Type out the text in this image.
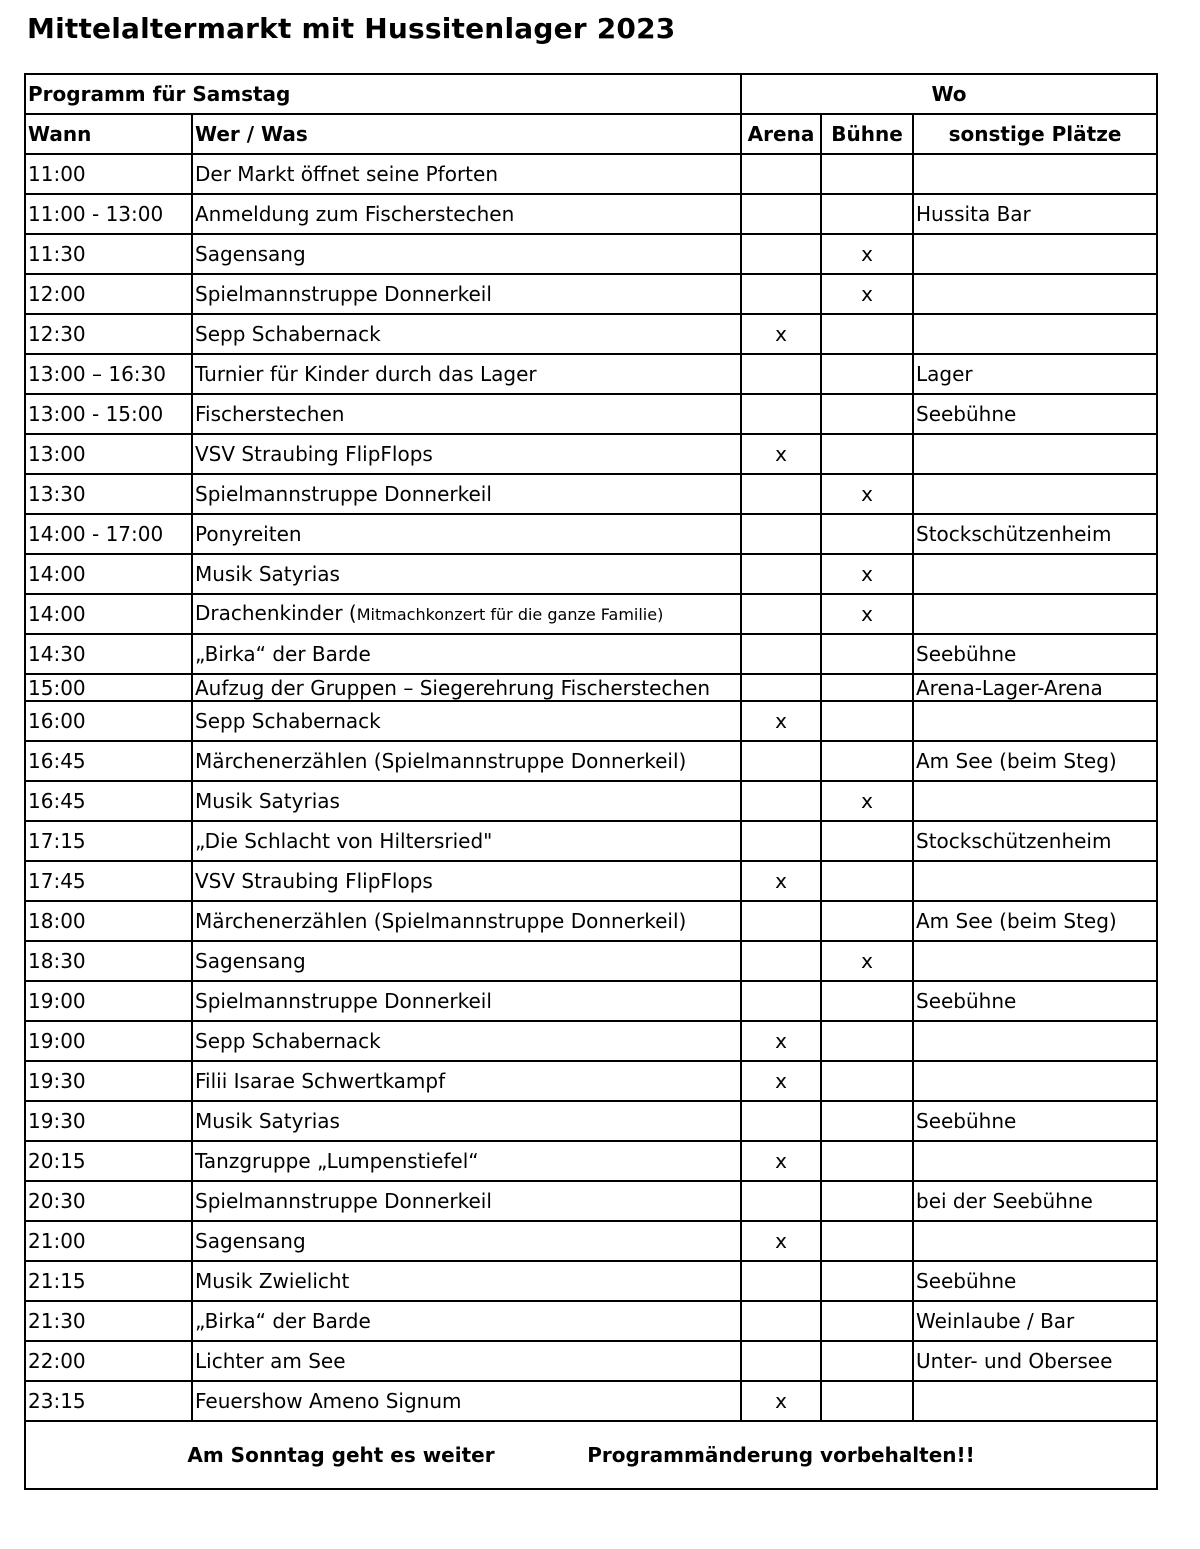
Mittelaltermarkt mit Hussitenlager 2023
Programm für Samstag		Wo		
Wann	Wer / Was	Arena	Bühne	sonstige Plätze
11:00	Der Markt öffnet seine Pforten			
11:00 - 13:00	Anmeldung zum Fischerstechen			Hussita Bar
11:30	Sagensang		x	
12:00	Spielmannstruppe Donnerkeil		x	
12:30	Sepp Schabernack	x		
13:00 – 16:30	Turnier für Kinder durch das Lager			Lager
13:00 - 15:00	Fischerstechen			Seebühne
13:00	VSV Straubing FlipFlops	x		
13:30	Spielmannstruppe Donnerkeil		x	
14:00 - 17:00	Ponyreiten			Stockschützenheim
14:00	Musik Satyrias		x	
14:00	Drachenkinder (Mitmachkonzert für die ganze Familie)		x	
14:30	„Birka“ der Barde			Seebühne
15:00	Aufzug der Gruppen – Siegerehrung Fischerstechen			Arena-Lager-Arena
16:00	Sepp Schabernack	x		
16:45	Märchenerzählen (Spielmannstruppe Donnerkeil)			Am See (beim Steg)
16:45	Musik Satyrias		x	
17:15	„Die Schlacht von Hiltersried"			Stockschützenheim
17:45	VSV Straubing FlipFlops	x		
18:00	Märchenerzählen (Spielmannstruppe Donnerkeil)			Am See (beim Steg)
18:30	Sagensang		x	
19:00	Spielmannstruppe Donnerkeil			Seebühne
19:00	Sepp Schabernack	x		
19:30	Filii Isarae Schwertkampf	x		
19:30	Musik Satyrias			Seebühne
20:15	Tanzgruppe „Lumpenstiefel“	x		
20:30	Spielmannstruppe Donnerkeil			bei der Seebühne
21:00	Sagensang	x		
21:15	Musik Zwielicht			Seebühne
21:30	„Birka“ der Barde			Weinlaube / Bar
22:00	Lichter am See			Unter- und Obersee
23:15	Feuershow Ameno Signum	x		
Am Sonntag geht es weiter Programmänderung vorbehalten!!				
